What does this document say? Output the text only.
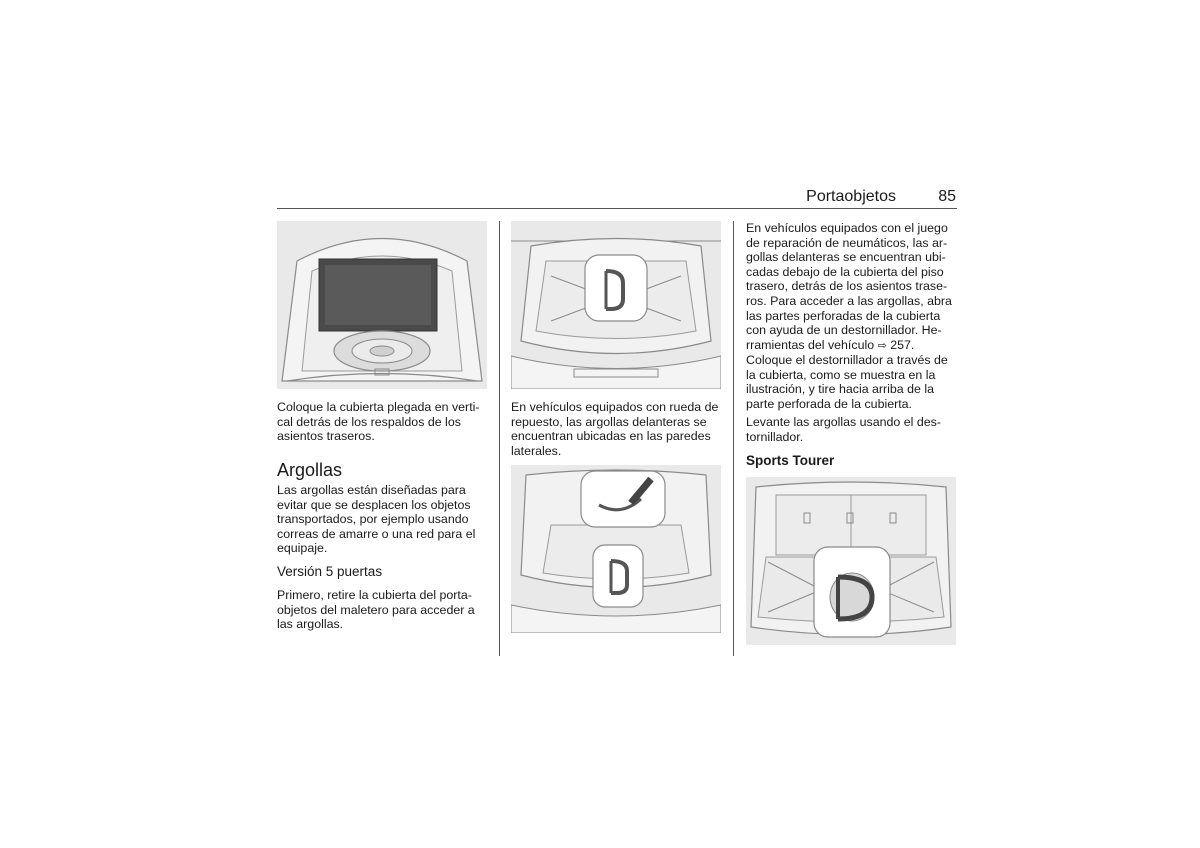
Portaobjetos	85

Coloque la cubierta plegada en verti-cal detrás de los respaldos de los asientos traseros.

Argollas

Las argollas están diseñadas para evitar que se desplacen los objetos transportados, por ejemplo usando correas de amarre o una red para el equipaje.

Versión 5 puertas

Primero, retire la cubierta del porta-objetos del maletero para acceder a las argollas.

En vehículos equipados con rueda de repuesto, las argollas delanteras se encuentran ubicadas en las paredes laterales.

En vehículos equipados con el juego de reparación de neumáticos, las ar-gollas delanteras se encuentran ubi-cadas debajo de la cubierta del piso trasero, detrás de los asientos trase-ros. Para acceder a las argollas, abra las partes perforadas de la cubierta con ayuda de un destornillador. He-rramientas del vehículo ⇨ 257.

Coloque el destornillador a través de la cubierta, como se muestra en la ilustración, y tire hacia arriba de la parte perforada de la cubierta.

Levante las argollas usando el des-tornillador.

Sports Tourer
